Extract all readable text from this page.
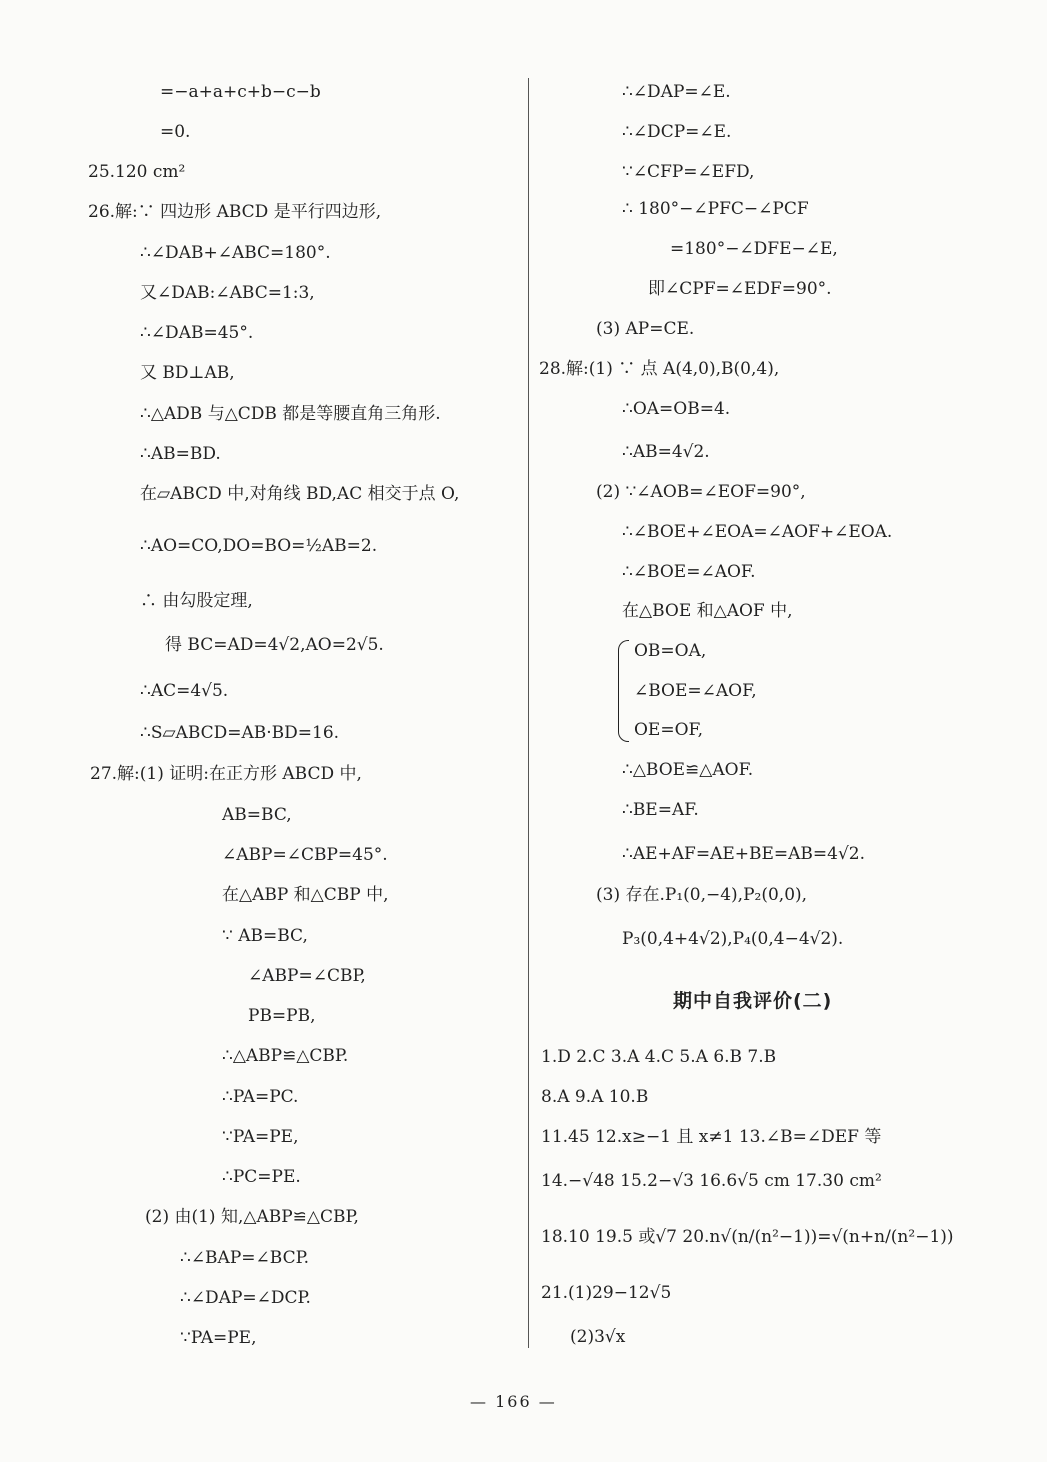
=−a+a+c+b−c−b
=0.
25.120 cm²
26.解:∵ 四边形 ABCD 是平行四边形,
∴∠DAB+∠ABC=180°.
又∠DAB:∠ABC=1:3,
∴∠DAB=45°.
又 BD⊥AB,
∴△ADB 与△CDB 都是等腰直角三角形.
∴AB=BD.
在▱ABCD 中,对角线 BD,AC 相交于点 O,
∴AO=CO,DO=BO=½AB=2.
∴ 由勾股定理,
得 BC=AD=4√2,AO=2√5.
∴AC=4√5.
∴S▱ABCD=AB·BD=16.
27.解:(1) 证明:在正方形 ABCD 中,
AB=BC,
∠ABP=∠CBP=45°.
在△ABP 和△CBP 中,
∵ AB=BC,
∠ABP=∠CBP,
PB=PB,
∴△ABP≌△CBP.
∴PA=PC.
∵PA=PE,
∴PC=PE.
(2) 由(1) 知,△ABP≌△CBP,
∴∠BAP=∠BCP.
∴∠DAP=∠DCP.
∵PA=PE,
∴∠DAP=∠E.
∴∠DCP=∠E.
∵∠CFP=∠EFD,
∴ 180°−∠PFC−∠PCF
=180°−∠DFE−∠E,
即∠CPF=∠EDF=90°.
(3) AP=CE.
28.解:(1) ∵ 点 A(4,0),B(0,4),
∴OA=OB=4.
∴AB=4√2.
(2) ∵∠AOB=∠EOF=90°,
∴∠BOE+∠EOA=∠AOF+∠EOA.
∴∠BOE=∠AOF.
在△BOE 和△AOF 中,
OB=OA,
∠BOE=∠AOF,
OE=OF,
∴△BOE≌△AOF.
∴BE=AF.
∴AE+AF=AE+BE=AB=4√2.
(3) 存在.P₁(0,−4),P₂(0,0),
P₃(0,4+4√2),P₄(0,4−4√2).
1.D 2.C 3.A 4.C 5.A 6.B 7.B
8.A 9.A 10.B
11.45 12.x≥−1 且 x≠1 13.∠B=∠DEF 等
14.−√48 15.2−√3 16.6√5 cm 17.30 cm²
18.10 19.5 或√7 20.n√(n/(n²−1))=√(n+n/(n²−1))
21.(1)29−12√5
(2)3√x
期中自我评价(二)
— 166 —
